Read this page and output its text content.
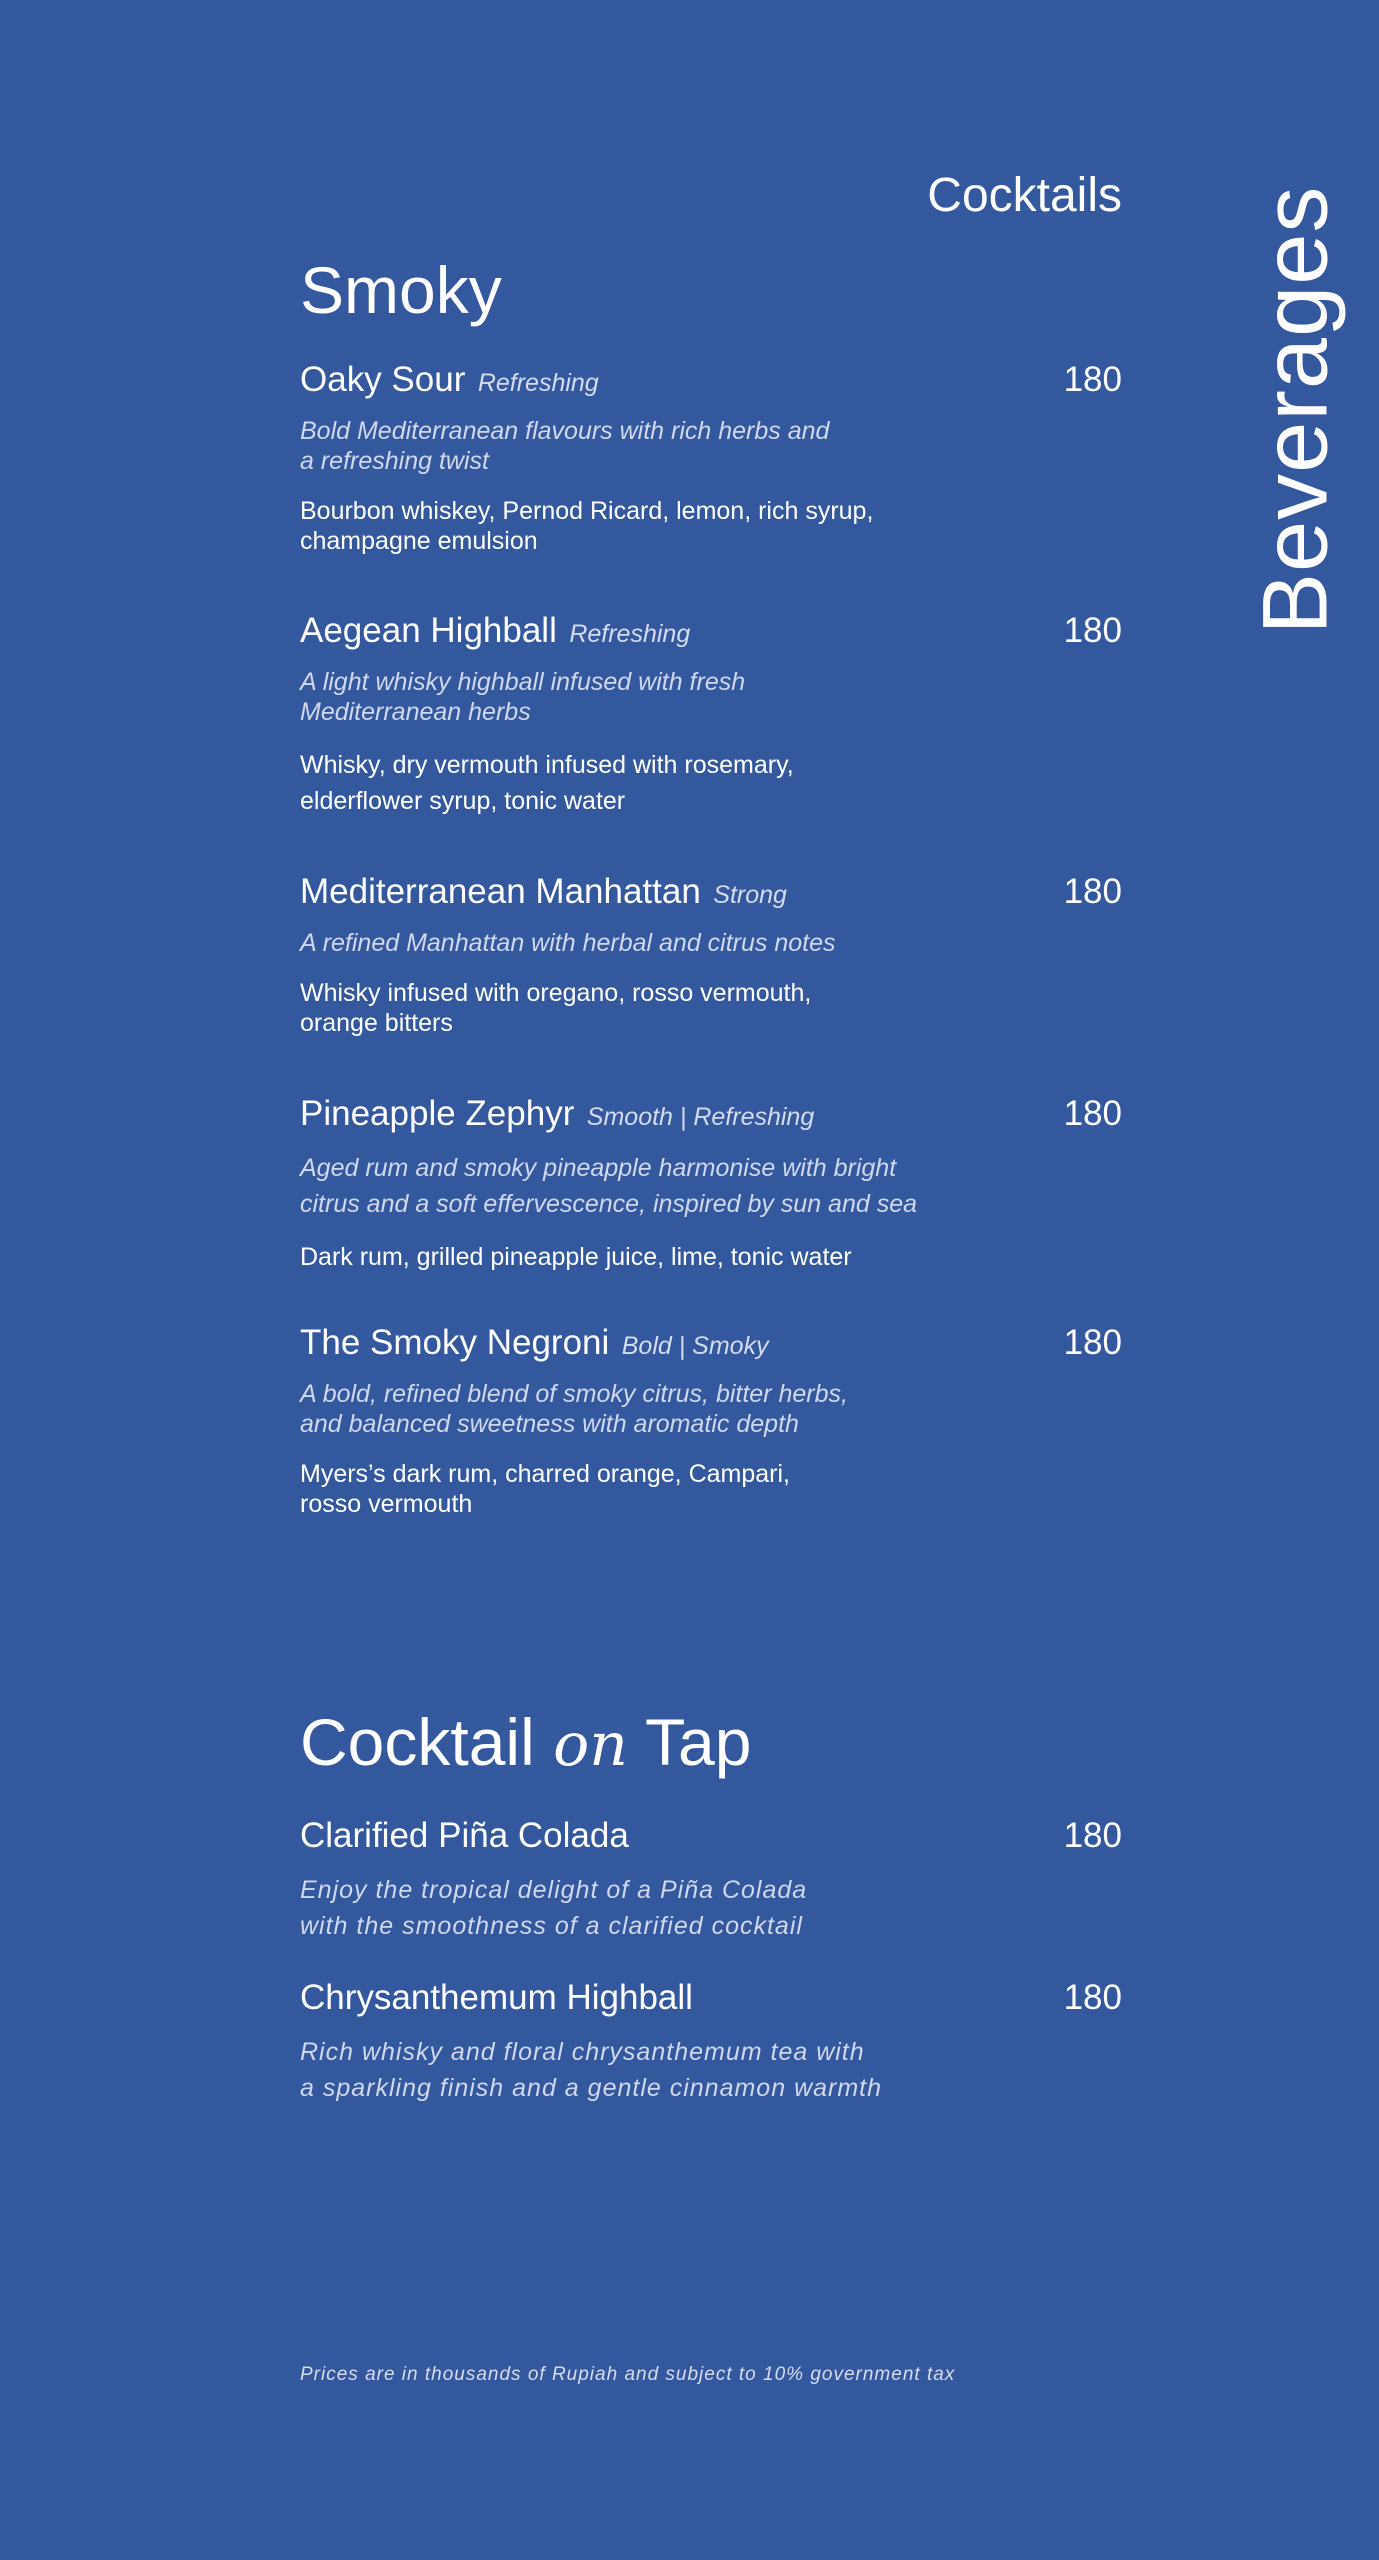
Beverages
Cocktails
Smoky
Oaky Sour Refreshing	180
Bold Mediterranean flavours with rich herbs and
a refreshing twist
Bourbon whiskey, Pernod Ricard, lemon, rich syrup,
champagne emulsion
Aegean Highball Refreshing	180
A light whisky highball infused with fresh
Mediterranean herbs
Whisky, dry vermouth infused with rosemary,
elderflower syrup, tonic water
Mediterranean Manhattan Strong	180
A refined Manhattan with herbal and citrus notes
Whisky infused with oregano, rosso vermouth,
orange bitters
Pineapple Zephyr Smooth | Refreshing	180
Aged rum and smoky pineapple harmonise with bright
citrus and a soft effervescence, inspired by sun and sea
Dark rum, grilled pineapple juice, lime, tonic water
The Smoky Negroni Bold | Smoky	180
A bold, refined blend of smoky citrus, bitter herbs,
and balanced sweetness with aromatic depth
Myers’s dark rum, charred orange, Campari,
rosso vermouth
Cocktail on Tap
Clarified Piña Colada	180
Enjoy the tropical delight of a Piña Colada
with the smoothness of a clarified cocktail
Chrysanthemum Highball	180
Rich whisky and floral chrysanthemum tea with
a sparkling finish and a gentle cinnamon warmth
Prices are in thousands of Rupiah and subject to 10% government tax
